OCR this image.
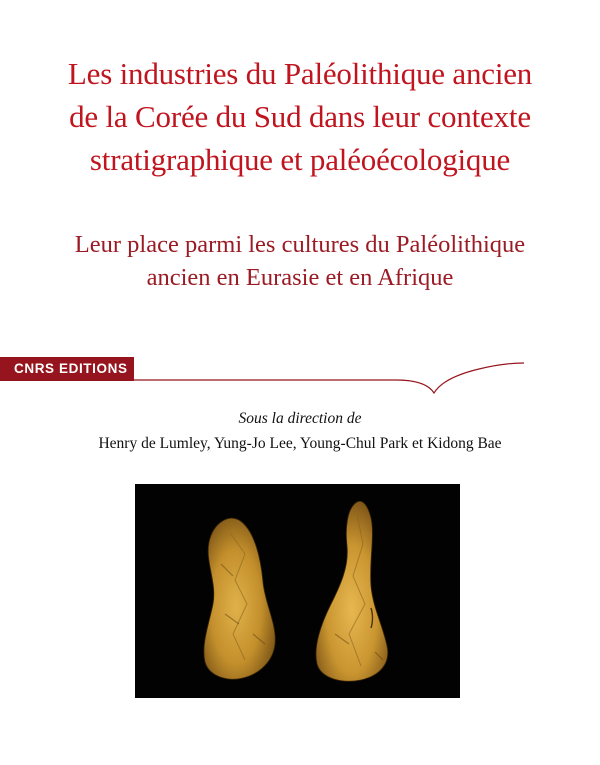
Les industries du Paléolithique ancien
de la Corée du Sud dans leur contexte
stratigraphique et paléoécologique
Leur place parmi les cultures du Paléolithique
ancien en Eurasie et en Afrique
CNRS EDITIONS
Sous la direction de
Henry de Lumley, Yung-Jo Lee, Young-Chul Park et Kidong Bae
